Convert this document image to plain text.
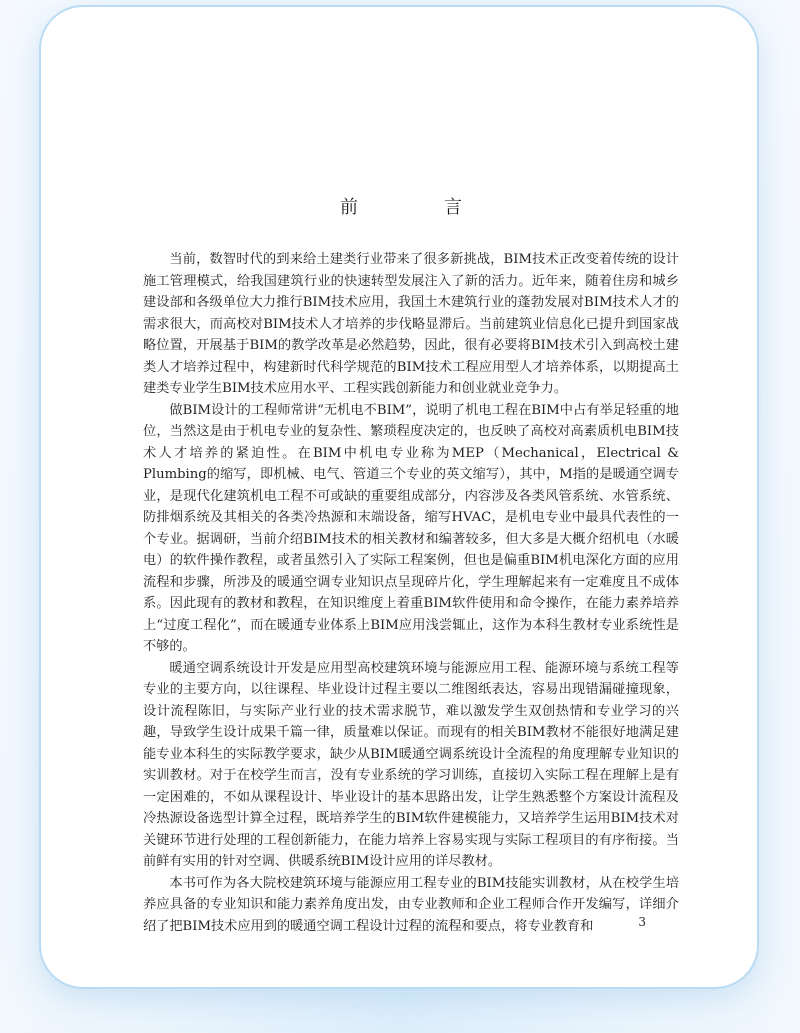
前　言

当前，数智时代的到来给土建类行业带来了很多新挑战，BIM技术正改变着传统的设计施工管理模式，给我国建筑行业的快速转型发展注入了新的活力。近年来，随着住房和城乡建设部和各级单位大力推行BIM技术应用，我国土木建筑行业的蓬勃发展对BIM技术人才的需求很大，而高校对BIM技术人才培养的步伐略显滞后。当前建筑业信息化已提升到国家战略位置，开展基于BIM的教学改革是必然趋势，因此，很有必要将BIM技术引入到高校土建类人才培养过程中，构建新时代科学规范的BIM技术工程应用型人才培养体系，以期提高土建类专业学生BIM技术应用水平、工程实践创新能力和创业就业竞争力。

做BIM设计的工程师常讲“无机电不BIM”，说明了机电工程在BIM中占有举足轻重的地位，当然这是由于机电专业的复杂性、繁琐程度决定的，也反映了高校对高素质机电BIM技术人才培养的紧迫性。在BIM中机电专业称为MEP（Mechanical，Electrical & Plumbing的缩写，即机械、电气、管道三个专业的英文缩写），其中，M指的是暖通空调专业，是现代化建筑机电工程不可或缺的重要组成部分，内容涉及各类风管系统、水管系统、防排烟系统及其相关的各类冷热源和末端设备，缩写HVAC，是机电专业中最具代表性的一个专业。据调研，当前介绍BIM技术的相关教材和编著较多，但大多是大概介绍机电（水暖电）的软件操作教程，或者虽然引入了实际工程案例，但也是偏重BIM机电深化方面的应用流程和步骤，所涉及的暖通空调专业知识点呈现碎片化，学生理解起来有一定难度且不成体系。因此现有的教材和教程，在知识维度上着重BIM软件使用和命令操作，在能力素养培养上“过度工程化”，而在暖通专业体系上BIM应用浅尝辄止，这作为本科生教材专业系统性是不够的。

暖通空调系统设计开发是应用型高校建筑环境与能源应用工程、能源环境与系统工程等专业的主要方向，以往课程、毕业设计过程主要以二维图纸表达，容易出现错漏碰撞现象，设计流程陈旧，与实际产业行业的技术需求脱节，难以激发学生双创热情和专业学习的兴趣，导致学生设计成果千篇一律，质量难以保证。而现有的相关BIM教材不能很好地满足建能专业本科生的实际教学要求，缺少从BIM暖通空调系统设计全流程的角度理解专业知识的实训教材。对于在校学生而言，没有专业系统的学习训练，直接切入实际工程在理解上是有一定困难的，不如从课程设计、毕业设计的基本思路出发，让学生熟悉整个方案设计流程及冷热源设备选型计算全过程，既培养学生的BIM软件建模能力，又培养学生运用BIM技术对关键环节进行处理的工程创新能力，在能力培养上容易实现与实际工程项目的有序衔接。当前鲜有实用的针对空调、供暖系统BIM设计应用的详尽教材。

本书可作为各大院校建筑环境与能源应用工程专业的BIM技能实训教材，从在校学生培养应具备的专业知识和能力素养角度出发，由专业教师和企业工程师合作开发编写，详细介绍了把BIM技术应用到的暖通空调工程设计过程的流程和要点，将专业教育和	3
